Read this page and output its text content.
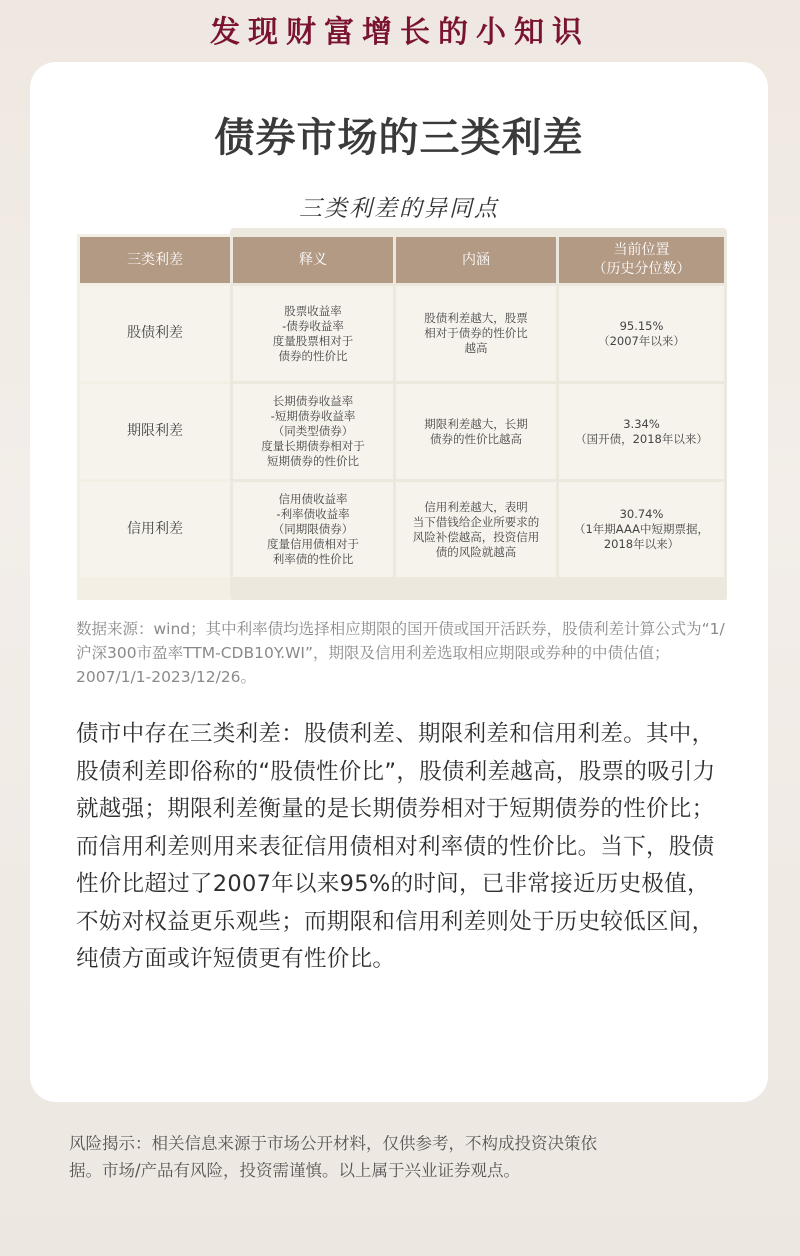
发现财富增长的小知识
债券市场的三类利差
三类利差的异同点
三类利差	释义	内涵	当前位置
（历史分位数）
股债利差	股票收益率
-债券收益率
度量股票相对于
债券的性价比	股债利差越大，股票
相对于债券的性价比
越高	95.15%
（2007年以来）
期限利差	长期债券收益率
-短期债券收益率
（同类型债券）
度量长期债券相对于
短期债券的性价比	期限利差越大，长期
债券的性价比越高	3.34%
（国开债，2018年以来）
信用利差	信用债收益率
-利率债收益率
（同期限债券）
度量信用债相对于
利率债的性价比	信用利差越大，表明
当下借钱给企业所要求的
风险补偿越高，投资信用
债的风险就越高	30.74%
（1年期AAA中短期票据，
2018年以来）
数据来源：wind；其中利率债均选择相应期限的国开债或国开活跃券，股债利差计算公式为“1/沪深300市盈率TTM-CDB10Y.WI”，期限及信用利差选取相应期限或券种的中债估值；2007/1/1-2023/12/26。
债市中存在三类利差：股债利差、期限利差和信用利差。其中，股债利差即俗称的“股债性价比”，股债利差越高，股票的吸引力就越强；期限利差衡量的是长期债券相对于短期债券的性价比；而信用利差则用来表征信用债相对利率债的性价比。当下，股债性价比超过了2007年以来95%的时间，已非常接近历史极值，不妨对权益更乐观些；而期限和信用利差则处于历史较低区间，纯债方面或许短债更有性价比。
风险揭示：相关信息来源于市场公开材料，仅供参考，不构成投资决策依据。市场/产品有风险，投资需谨慎。以上属于兴业证券观点。
